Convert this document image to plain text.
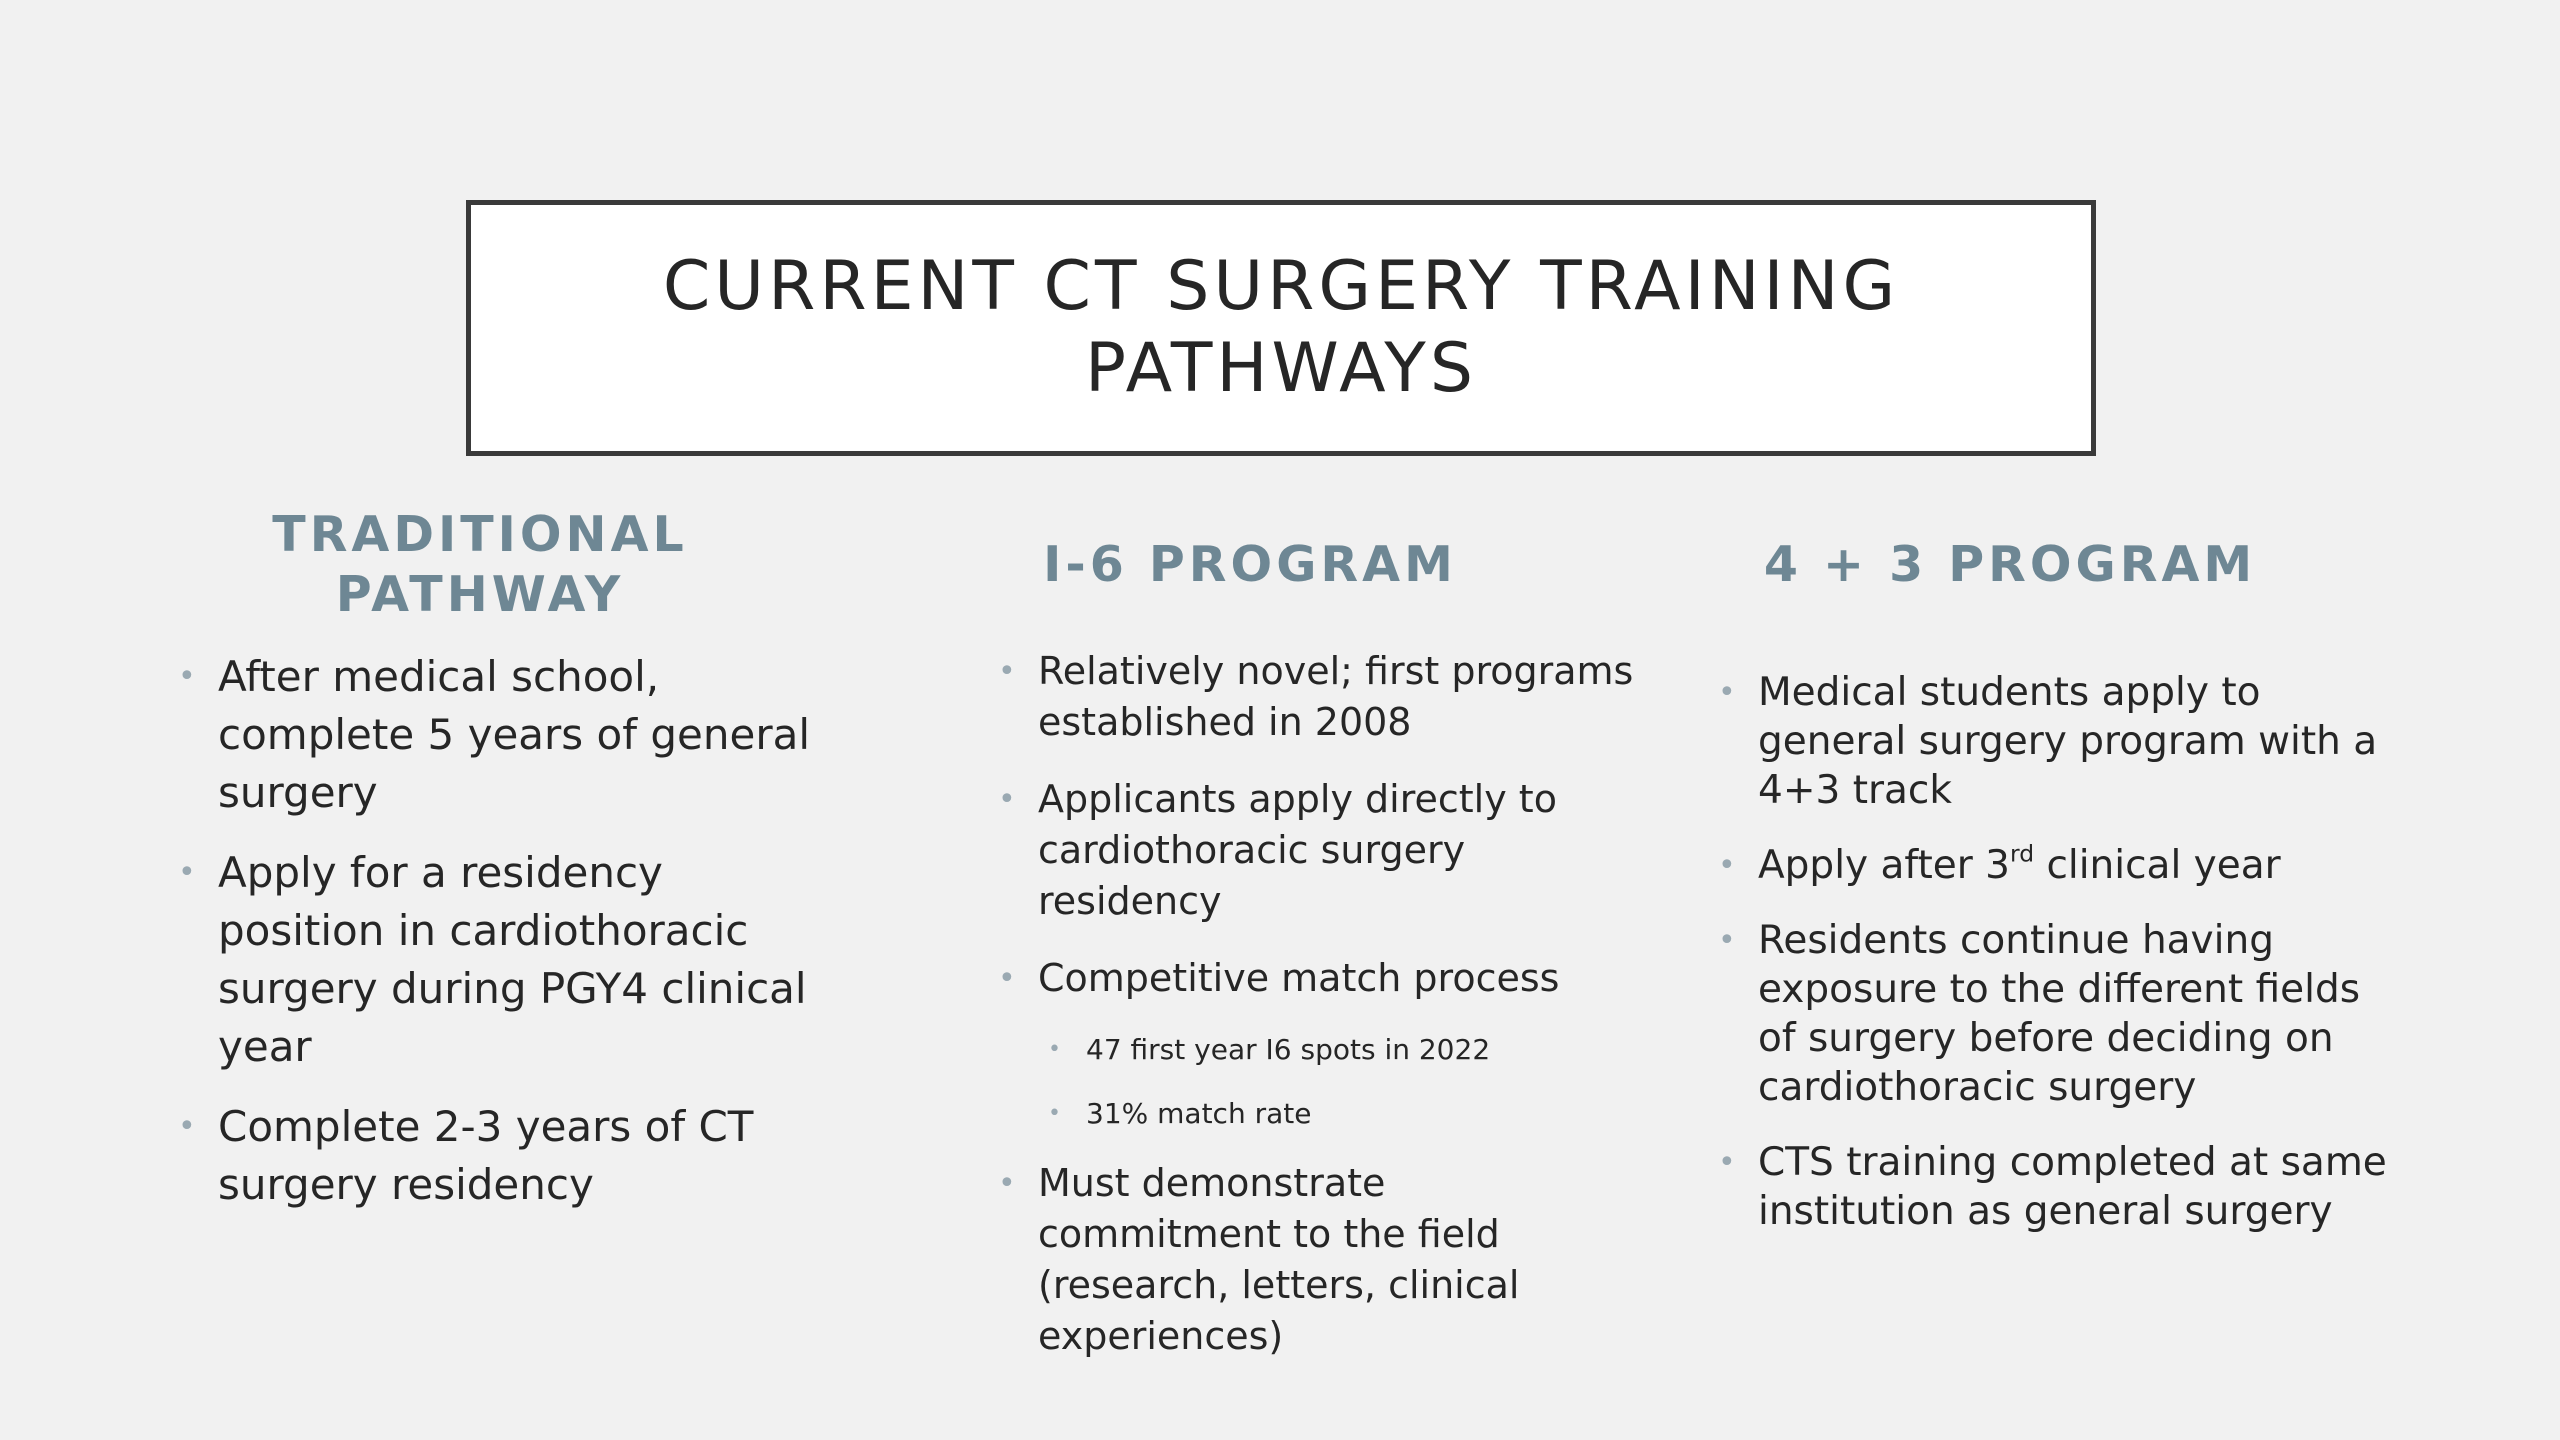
CURRENT CT SURGERY TRAINING PATHWAYS
TRADITIONAL PATHWAY
• After medical school, complete 5 years of general surgery
• Apply for a residency position in cardiothoracic surgery during PGY4 clinical year
• Complete 2-3 years of CT surgery residency
I-6 PROGRAM
• Relatively novel; first programs established in 2008
• Applicants apply directly to cardiothoracic surgery residency
• Competitive match process
• 47 first year I6 spots in 2022
• 31% match rate
• Must demonstrate commitment to the field (research, letters, clinical experiences)
4 + 3 PROGRAM
• Medical students apply to general surgery program with a 4+3 track
• Apply after 3rd clinical year
• Residents continue having exposure to the different fields of surgery before deciding on cardiothoracic surgery
• CTS training completed at same institution as general surgery
